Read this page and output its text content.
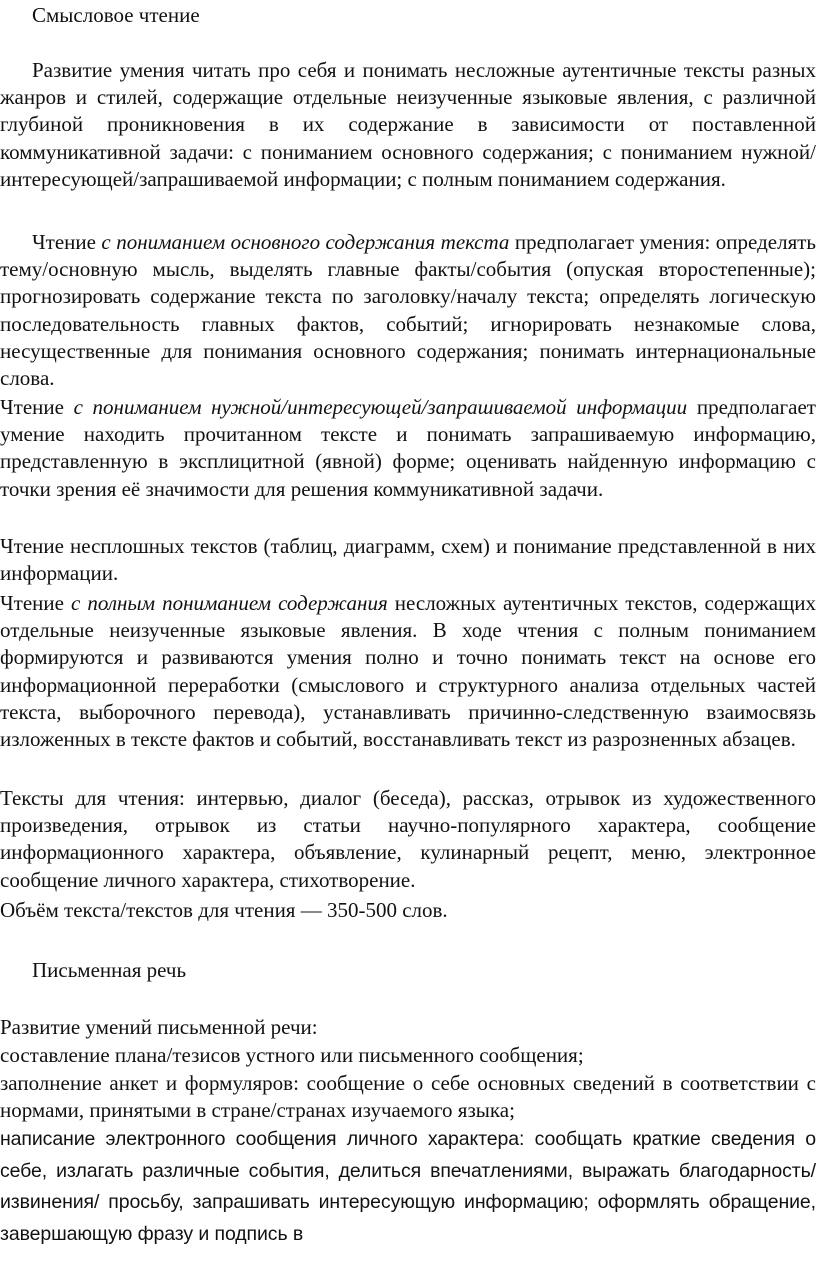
Смысловое чтение

Развитие умения читать про себя и понимать несложные аутентичные тексты разных жанров и стилей, содержащие отдельные неизученные языковые явления, с различной глубиной проникновения в их содержание в зависимости от поставленной коммуникативной задачи: с пониманием основного содержания; с пониманием нужной/интересующей/запрашиваемой информации; с полным пониманием содержания.

Чтение с пониманием основного содержания текста предполагает умения: определять тему/основную мысль, выделять главные факты/события (опуская второстепенные); прогнозировать содержание текста по заголовку/началу текста; определять логическую последовательность главных фактов, событий; игнорировать незнакомые слова, несущественные для понимания основного содержания; понимать интернациональные слова.

Чтение с пониманием нужной/интересующей/запрашиваемой информации предполагает умение находить прочитанном тексте и понимать запрашиваемую информацию, представленную в эксплицитной (явной) форме; оценивать найденную информацию с точки зрения её значимости для решения коммуникативной задачи.

Чтение несплошных текстов (таблиц, диаграмм, схем) и понимание представленной в них информации.

Чтение с полным пониманием содержания несложных аутентичных текстов, содержащих отдельные неизученные языковые явления. В ходе чтения с полным пониманием формируются и развиваются умения полно и точно понимать текст на основе его информационной переработки (смыслового и структурного анализа отдельных частей текста, выборочного перевода), устанавливать причинно-следственную взаимосвязь изложенных в тексте фактов и событий, восстанавливать текст из разрозненных абзацев.

Тексты для чтения: интервью, диалог (беседа), рассказ, отрывок из художественного произведения, отрывок из статьи научно-популярного характера, сообщение информационного характера, объявление, кулинарный рецепт, меню, электронное сообщение личного характера, стихотворение.

Объём текста/текстов для чтения — 350-500 слов.

Письменная речь

Развитие умений письменной речи:

составление плана/тезисов устного или письменного сообщения;

заполнение анкет и формуляров: сообщение о себе основных сведений в соответствии с нормами, принятыми в стране/странах изучаемого языка;

написание электронного сообщения личного характера: сообщать краткие сведения о себе, излагать различные события, делиться впечатлениями, выражать благодарность/извинения/ просьбу, запрашивать интересующую информацию; оформлять обращение, завершающую фразу и подпись в
